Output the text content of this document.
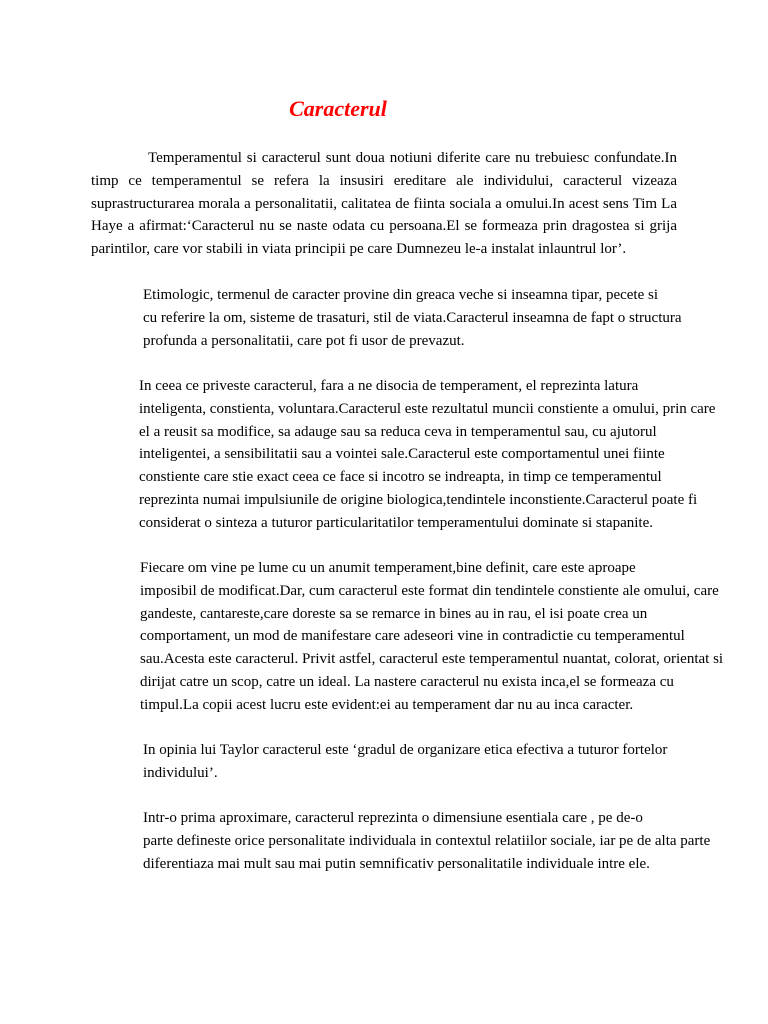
Caracterul

Temperamentul si caracterul sunt doua notiuni diferite care nu trebuiesc confundate.In timp ce temperamentul se refera la insusiri ereditare ale individului, caracterul vizeaza suprastructurarea morala a personalitatii, calitatea de fiinta sociala a omului.In acest sens Tim La Haye a afirmat:‘Caracterul nu se naste odata cu persoana.El se formeaza prin dragostea si grija parintilor, care vor stabili in viata principii pe care Dumnezeu le-a instalat inlauntrul lor’.

Etimologic, termenul de caracter provine din greaca veche si inseamna tipar, pecete si
cu referire la om, sisteme de trasaturi, stil de viata.Caracterul inseamna de fapt o structura
profunda a personalitatii, care pot fi usor de prevazut.

In ceea ce priveste caracterul, fara a ne disocia de temperament, el reprezinta latura
inteligenta, constienta, voluntara.Caracterul este rezultatul muncii constiente a omului, prin care
el a reusit sa modifice, sa adauge sau sa reduca ceva in temperamentul sau, cu ajutorul
inteligentei, a sensibilitatii sau a vointei sale.Caracterul este comportamentul unei fiinte
constiente care stie exact ceea ce face si incotro se indreapta, in timp ce temperamentul
reprezinta numai impulsiunile de origine biologica,tendintele inconstiente.Caracterul poate fi
considerat o sinteza a tuturor particularitatilor temperamentului dominate si stapanite.

Fiecare om vine pe lume cu un anumit temperament,bine definit, care este aproape
imposibil de modificat.Dar, cum caracterul este format din tendintele constiente ale omului, care
gandeste, cantareste,care doreste sa se remarce in bines au in rau, el isi poate crea un
comportament, un mod de manifestare care adeseori vine in contradictie cu temperamentul
sau.Acesta este caracterul. Privit astfel, caracterul este temperamentul nuantat, colorat, orientat si
dirijat catre un scop, catre un ideal. La nastere caracterul nu exista inca,el se formeaza cu
timpul.La copii acest lucru este evident:ei au temperament dar nu au inca caracter.

In opinia lui Taylor caracterul este ‘gradul de organizare etica efectiva a tuturor fortelor
individului’.

Intr-o prima aproximare, caracterul reprezinta o dimensiune esentiala care , pe de-o
parte defineste orice personalitate individuala in contextul relatiilor sociale, iar pe de alta parte
diferentiaza mai mult sau mai putin semnificativ personalitatile individuale intre ele.
